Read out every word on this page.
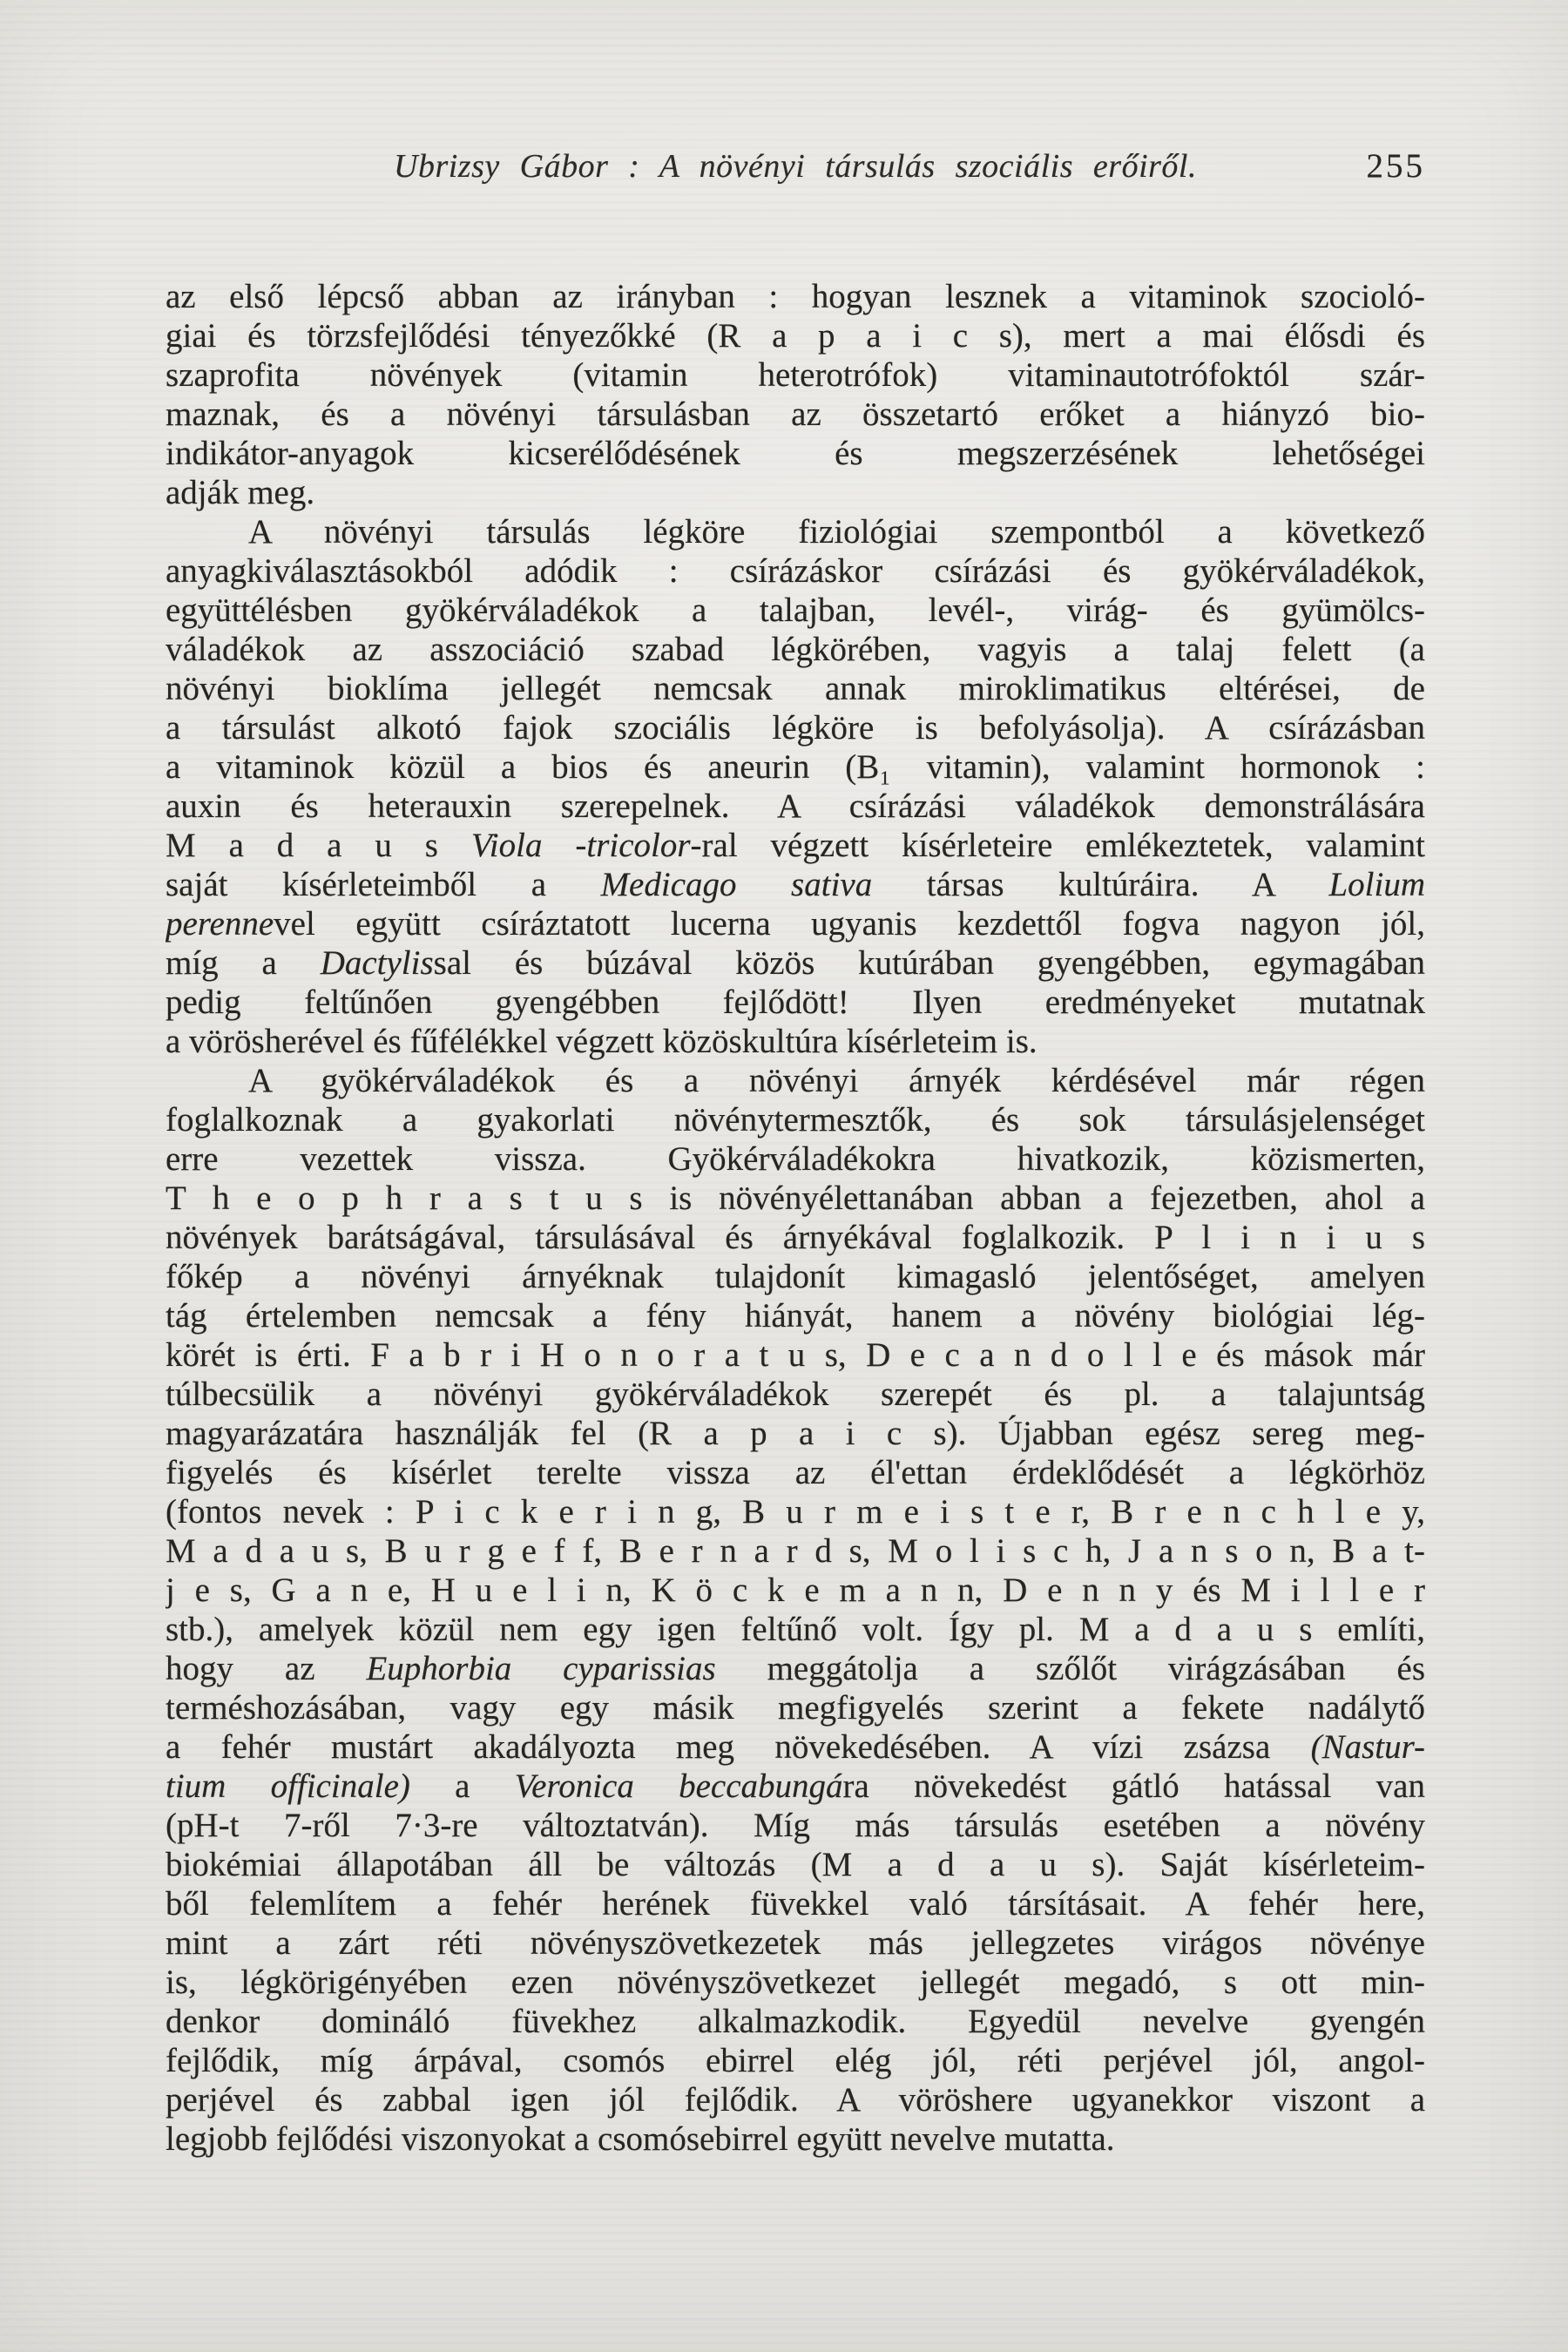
Ubrizsy Gábor : A növényi társulás szociális erőiről.	255
az első lépcső abban az irányban : hogyan lesznek a vitaminok szocioló-
giai és törzsfejlődési tényezőkké (R a p a i c s), mert a mai élősdi és
szaprofita növények (vitamin heterotrófok) vitaminautotrófoktól szár-
maznak, és a növényi társulásban az összetartó erőket a hiányzó bio-
indikátor-anyagok kicserélődésének és megszerzésének lehetőségei
adják meg.
A növényi társulás légköre fiziológiai szempontból a következő
anyagkiválasztásokból adódik : csírázáskor csírázási és gyökérváladékok,
együttélésben gyökérváladékok a talajban, levél-, virág- és gyümölcs-
váladékok az asszociáció szabad légkörében, vagyis a talaj felett (a
növényi bioklíma jellegét nemcsak annak miroklimatikus eltérései, de
a társulást alkotó fajok szociális légköre is befolyásolja). A csírázásban
a vitaminok közül a bios és aneurin (B₁ vitamin), valamint hormonok :
auxin és heterauxin szerepelnek. A csírázási váladékok demonstrálására
M a d a u s Viola -tricolor-ral végzett kísérleteire emlékeztetek, valamint
saját kísérleteimből a Medicago sativa társas kultúráira. A Lolium
perennevel együtt csíráztatott lucerna ugyanis kezdettől fogva nagyon jól,
míg a Dactylissal és búzával közös kutúrában gyengébben, egymagában
pedig feltűnően gyengébben fejlődött! Ilyen eredményeket mutatnak
a vörösherével és fűfélékkel végzett közöskultúra kísérleteim is.
A gyökérváladékok és a növényi árnyék kérdésével már régen
foglalkoznak a gyakorlati növénytermesztők, és sok társulásjelenséget
erre vezettek vissza. Gyökérváladékokra hivatkozik, közismerten,
T h e o p h r a s t u s is növényélettanában abban a fejezetben, ahol a
növények barátságával, társulásával és árnyékával foglalkozik. P l i n i u s
főkép a növényi árnyéknak tulajdonít kimagasló jelentőséget, amelyen
tág értelemben nemcsak a fény hiányát, hanem a növény biológiai lég-
körét is érti. F a b r i H o n o r a t u s, D e c a n d o l l e és mások már
túlbecsülik a növényi gyökérváladékok szerepét és pl. a talajuntság
magyarázatára használják fel (R a p a i c s). Újabban egész sereg meg-
figyelés és kísérlet terelte vissza az él'ettan érdeklődését a légkörhöz
(fontos nevek : P i c k e r i n g, B u r m e i s t e r, B r e n c h l e y,
M a d a u s, B u r g e f f, B e r n a r d s, M o l i s c h, J a n s o n, B a t-
j e s, G a n e, H u e l i n, K ö c k e m a n n, D e n n y és M i l l e r
stb.), amelyek közül nem egy igen feltűnő volt. Így pl. M a d a u s említi,
hogy az Euphorbia cyparissias meggátolja a szőlőt virágzásában és
terméshozásában, vagy egy másik megfigyelés szerint a fekete nadálytő
a fehér mustárt akadályozta meg növekedésében. A vízi zsázsa (Nastur-
tium officinale) a Veronica beccabungára növekedést gátló hatással van
(pH-t 7-ről 7·3-re változtatván). Míg más társulás esetében a növény
biokémiai állapotában áll be változás (M a d a u s). Saját kísérleteim-
ből felemlítem a fehér herének füvekkel való társításait. A fehér here,
mint a zárt réti növényszövetkezetek más jellegzetes virágos növénye
is, légkörigényében ezen növényszövetkezet jellegét megadó, s ott min-
denkor domináló füvekhez alkalmazkodik. Egyedül nevelve gyengén
fejlődik, míg árpával, csomós ebirrel elég jól, réti perjével jól, angol-
perjével és zabbal igen jól fejlődik. A vöröshere ugyanekkor viszont a
legjobb fejlődési viszonyokat a csomósebirrel együtt nevelve mutatta.
